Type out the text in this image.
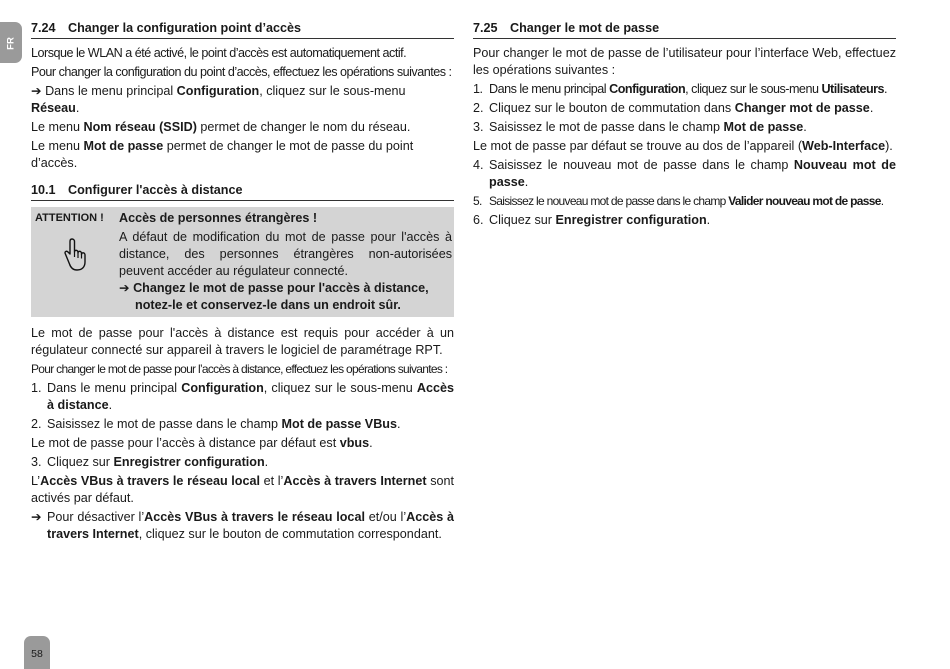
FR
58
7.24 Changer la configuration point d’accès

Lorsque le WLAN a été activé, le point d’accès est automatiquement actif.

Pour changer la configuration du point d’accès, effectuez les opérations suivantes :

➔ Dans le menu principal Configuration, cliquez sur le sous-menu Réseau.

Le menu Nom réseau (SSID) permet de changer le nom du réseau.

Le menu Mot de passe permet de changer le mot de passe du point d’accès.

10.1 Configurer l'accès à distance
ATTENTION !	Accès de personnes étrangères !

A défaut de modification du mot de passe pour l'accès à distance, des personnes étrangères non-autorisées peuvent accéder au régulateur connecté.

➔ Changez le mot de passe pour l'accès à distance,
notez-le et conservez-le dans un endroit sûr.

Le mot de passe pour l'accès à distance est requis pour accéder à un régulateur connecté sur appareil à travers le logiciel de paramétrage RPT.

Pour changer le mot de passe pour l’accès à distance, effectuez les opérations suivantes :

1. Dans le menu principal Configuration, cliquez sur le sous-menu Accès à distance.
2. Saisissez le mot de passe dans le champ Mot de passe VBus.

Le mot de passe pour l’accès à distance par défaut est vbus.

3. Cliquez sur Enregistrer configuration.

L’Accès VBus à travers le réseau local et l’Accès à travers Internet sont activés par défaut.

➔ Pour désactiver l’Accès VBus à travers le réseau local et/ou l’Accès à travers Internet, cliquez sur le bouton de commutation correspondant.
7.25 Changer le mot de passe

Pour changer le mot de passe de l’utilisateur pour l’interface Web, effectuez les opérations suivantes :

1. Dans le menu principal Configuration, cliquez sur le sous-menu Utilisateurs.
2. Cliquez sur le bouton de commutation dans Changer mot de passe.
3. Saisissez le mot de passe dans le champ Mot de passe.

Le mot de passe par défaut se trouve au dos de l’appareil (Web-Interface).

4. Saisissez le nouveau mot de passe dans le champ Nouveau mot de passe.
5. Saisissez le nouveau mot de passe dans le champ Valider nouveau mot de passe.
6. Cliquez sur Enregistrer configuration.
